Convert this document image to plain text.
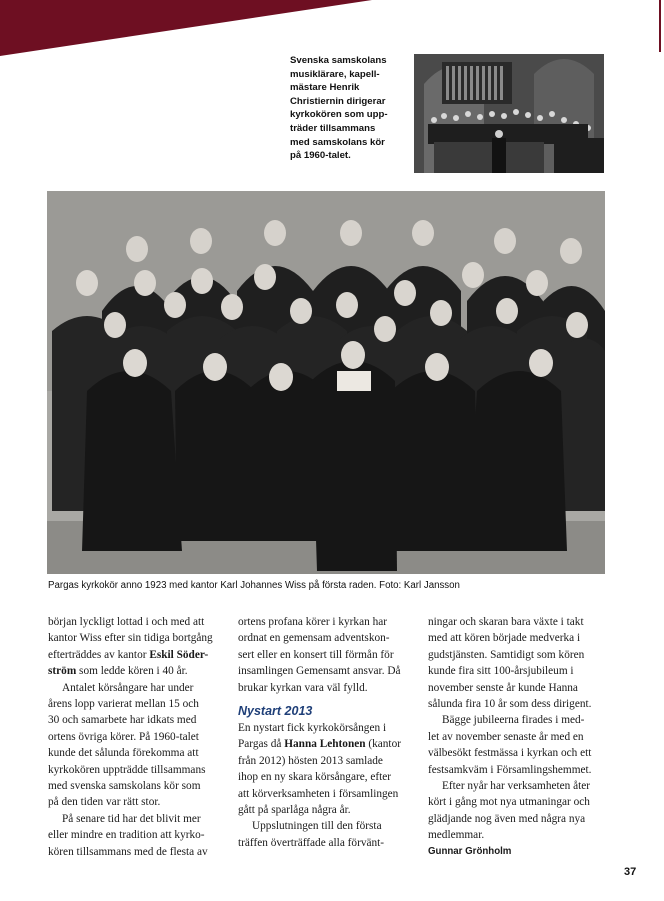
Svenska samskolans
musiklärare, kapell-
mästare Henrik
Christiernin dirigerar
kyrkokören som upp-
träder tillsammans
med samskolans kör
på 1960-talet.
Pargas kyrkokör anno 1923 med kantor Karl Johannes Wiss på första raden. Foto: Karl Jansson

början lyckligt lottad i och med att
kantor Wiss efter sin tidiga bortgång
efterträddes av kantor Eskil Söder-
ström som ledde kören i 40 år.

Antalet körsångare har under
årens lopp varierat mellan 15 och
30 och samarbete har idkats med
ortens övriga körer. På 1960-talet
kunde det sålunda förekomma att
kyrkokören uppträdde tillsammans
med svenska samskolans kör som
på den tiden var rätt stor.

På senare tid har det blivit mer
eller mindre en tradition att kyrko-
kören tillsammans med de flesta av

ortens profana körer i kyrkan har
ordnat en gemensam adventskon-
sert eller en konsert till förmån för
insamlingen Gemensamt ansvar. Då
brukar kyrkan vara väl fylld.

Nystart 2013

En nystart fick kyrkokörsången i
Pargas då Hanna Lehtonen (kantor
från 2012) hösten 2013 samlade
ihop en ny skara körsångare, efter
att körverksamheten i församlingen
gått på sparlåga några år.

Uppslutningen till den första
träffen överträffade alla förvänt-

ningar och skaran bara växte i takt
med att kören började medverka i
gudstjänsten. Samtidigt som kören
kunde fira sitt 100-årsjubileum i
november senste år kunde Hanna
sålunda fira 10 år som dess dirigent.

Bägge jubileerna firades i med-
let av november senaste år med en
välbesökt festmässa i kyrkan och ett
festsamkväm i Församlingshemmet.

Efter nyår har verksamheten åter
kört i gång mot nya utmaningar och
glädjande nog även med några nya
medlemmar.

Gunnar Grönholm
37
